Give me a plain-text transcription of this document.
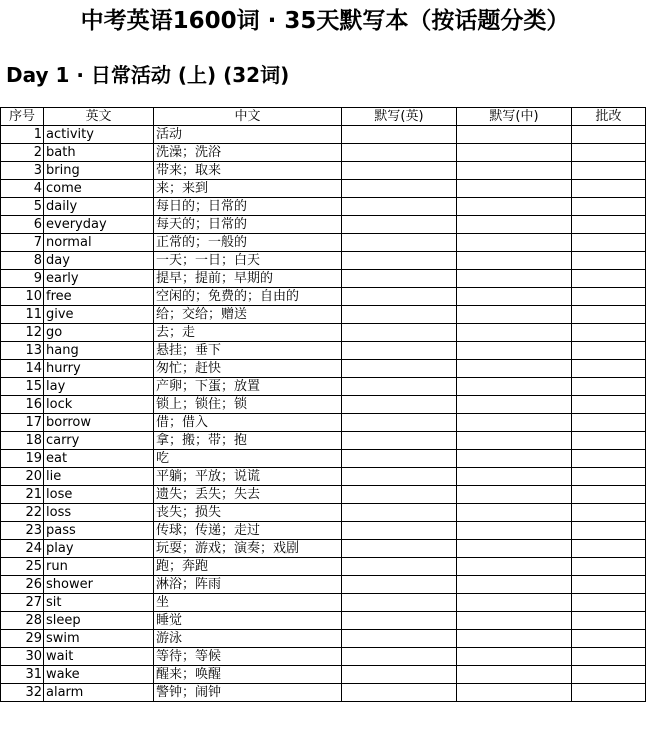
中考英语1600词 · 35天默写本（按话题分类）
Day 1 · 日常活动 (上) (32词)
序号	英文	中文	默写(英)	默写(中)	批改
1	activity	活动			
2	bath	洗澡；洗浴			
3	bring	带来；取来			
4	come	来；来到			
5	daily	每日的；日常的			
6	everyday	每天的；日常的			
7	normal	正常的；一般的			
8	day	一天；一日；白天			
9	early	提早；提前；早期的			
10	free	空闲的；免费的；自由的			
11	give	给；交给；赠送			
12	go	去；走			
13	hang	悬挂；垂下			
14	hurry	匆忙；赶快			
15	lay	产卵；下蛋；放置			
16	lock	锁上；锁住；锁			
17	borrow	借；借入			
18	carry	拿；搬；带；抱			
19	eat	吃			
20	lie	平躺；平放；说谎			
21	lose	遗失；丢失；失去			
22	loss	丧失；损失			
23	pass	传球；传递；走过			
24	play	玩耍；游戏；演奏；戏剧			
25	run	跑；奔跑			
26	shower	淋浴；阵雨			
27	sit	坐			
28	sleep	睡觉			
29	swim	游泳			
30	wait	等待；等候			
31	wake	醒来；唤醒			
32	alarm	警钟；闹钟			
